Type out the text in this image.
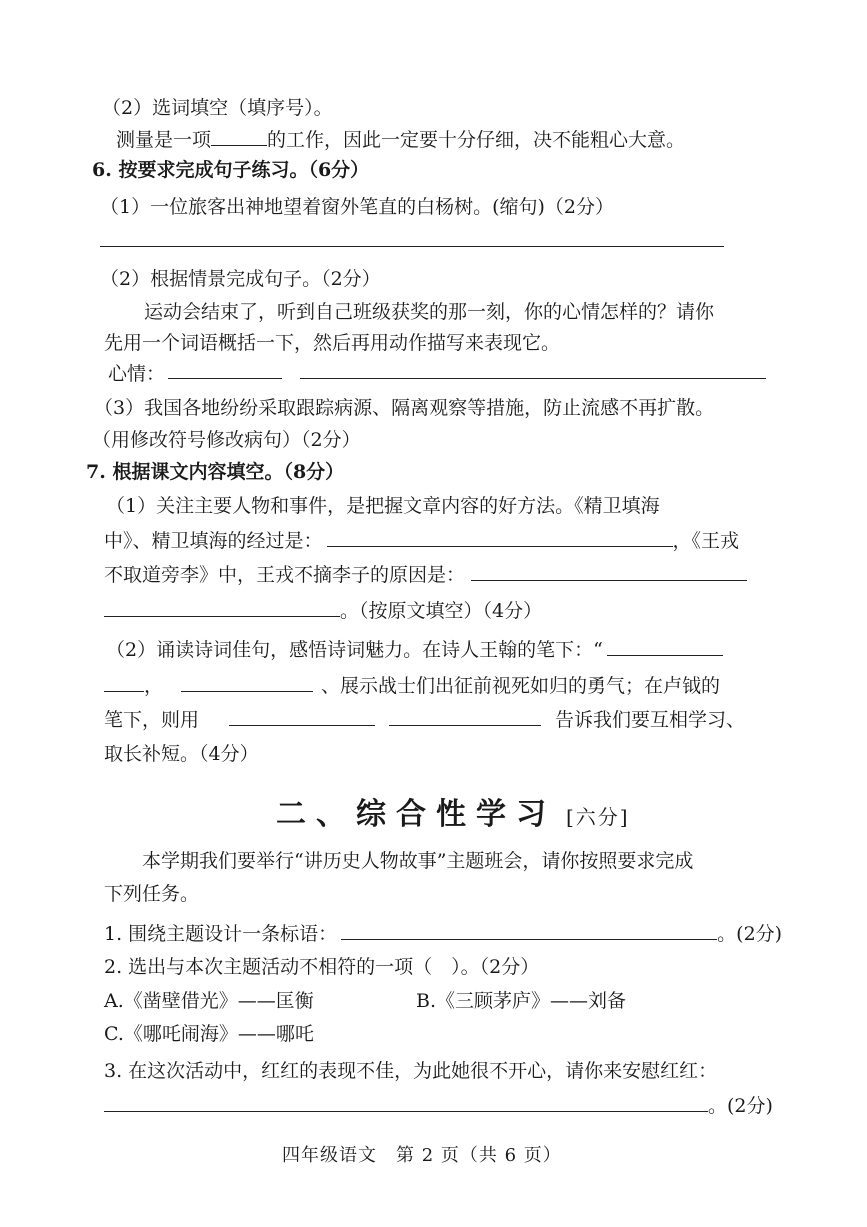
（2）选词填空（填序号）。
测量是一项	的工作，因此一定要十分仔细，决不能粗心大意。
6. 按要求完成句子练习。（6分）
（1）一位旅客出神地望着窗外笔直的白杨树。(缩句)（2分）
（2）根据情景完成句子。（2分）
运动会结束了，听到自己班级获奖的那一刻，你的心情怎样的？请你
先用一个词语概括一下，然后再用动作描写来表现它。
心情：
（3）我国各地纷纷采取跟踪病源、隔离观察等措施，防止流感不再扩散。
（用修改符号修改病句）（2分）
7. 根据课文内容填空。（8分）
（1）关注主要人物和事件，是把握文章内容的好方法。《精卫填海
中》、精卫填海的经过是：	，《王戎
不取道旁李》中，王戎不摘李子的原因是：
。（按原文填空）（4分）
（2）诵读诗词佳句，感悟诗词魅力。在诗人王翰的笔下：“
，	、展示战士们出征前视死如归的勇气；在卢钺的
笔下，则用	告诉我们要互相学习、
取长补短。（4分）
二、综合性学习 [六分]
本学期我们要举行“讲历史人物故事”主题班会，请你按照要求完成
下列任务。
1. 围绕主题设计一条标语：	。(2分)
2. 选出与本次主题活动不相符的一项（　）。（2分）
A.《凿壁借光》——匡衡	B.《三顾茅庐》——刘备
C.《哪吒闹海》——哪吒
3. 在这次活动中，红红的表现不佳，为此她很不开心，请你来安慰红红：
。(2分)
四年级语文　第 2 页（共 6 页）
